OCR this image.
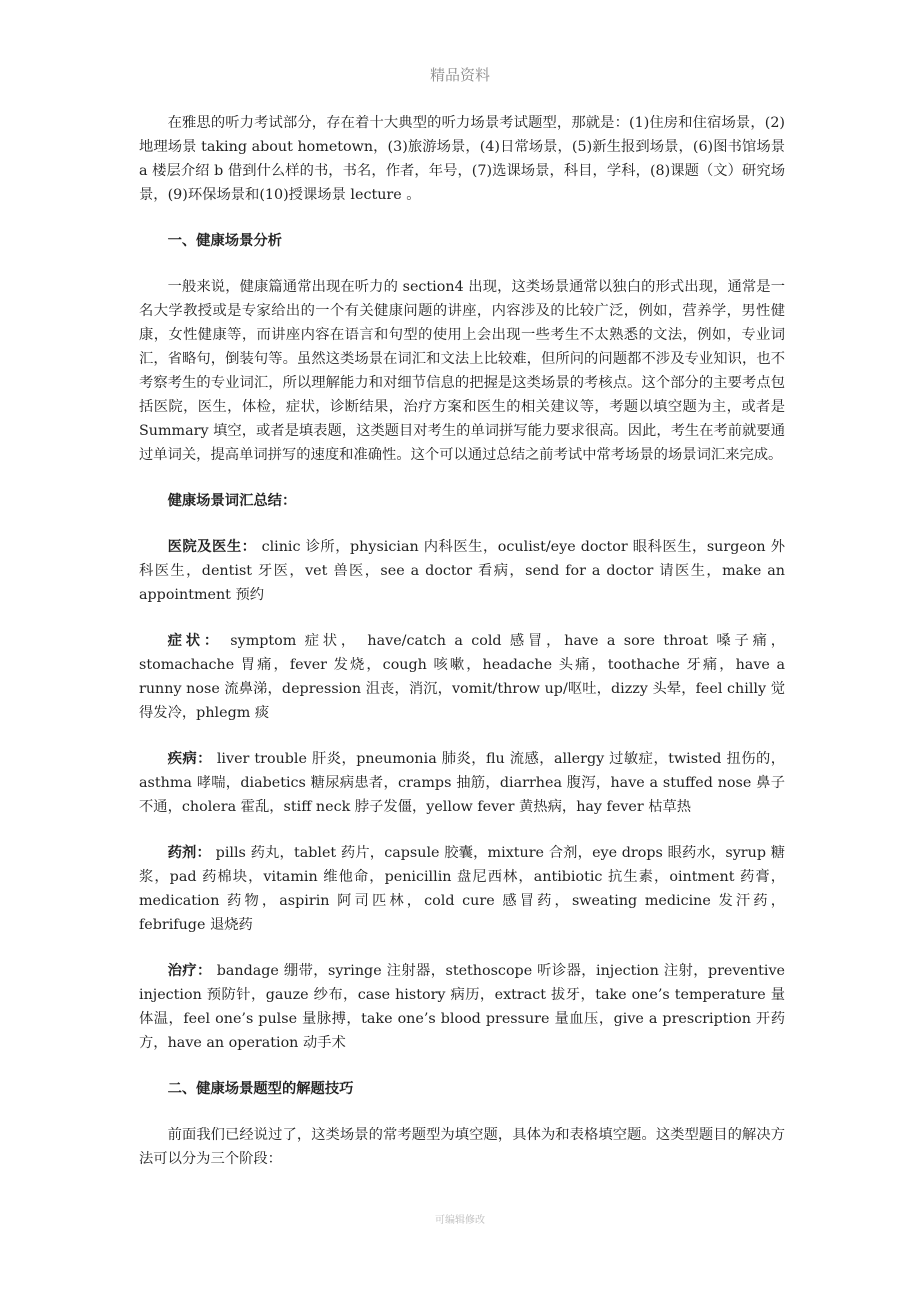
精品资料

在雅思的听力考试部分，存在着十大典型的听力场景考试题型，那就是：(1)住房和住宿场景，(2)地理场景 taking about hometown，(3)旅游场景，(4)日常场景，(5)新生报到场景，(6)图书馆场景 a 楼层介绍 b 借到什么样的书，书名，作者，年号，(7)选课场景，科目，学科，(8)课题（文）研究场景，(9)环保场景和(10)授课场景 lecture 。

一、健康场景分析

一般来说，健康篇通常出现在听力的 section4 出现，这类场景通常以独白的形式出现，通常是一名大学教授或是专家给出的一个有关健康问题的讲座，内容涉及的比较广泛，例如，营养学，男性健康，女性健康等，而讲座内容在语言和句型的使用上会出现一些考生不太熟悉的文法，例如，专业词汇，省略句，倒装句等。虽然这类场景在词汇和文法上比较难，但所问的问题都不涉及专业知识，也不考察考生的专业词汇，所以理解能力和对细节信息的把握是这类场景的考核点。这个部分的主要考点包括医院，医生，体检，症状，诊断结果，治疗方案和医生的相关建议等，考题以填空题为主，或者是 Summary 填空，或者是填表题，这类题目对考生的单词拼写能力要求很高。因此，考生在考前就要通过单词关，提高单词拼写的速度和准确性。这个可以通过总结之前考试中常考场景的场景词汇来完成。

健康场景词汇总结：

医院及医生： clinic 诊所，physician 内科医生，oculist/eye doctor 眼科医生，surgeon 外科医生，dentist 牙医，vet 兽医，see a doctor 看病，send for a doctor 请医生，make an appointment 预约

症状： symptom 症状， have/catch a cold 感冒，have a sore throat 嗓子痛， stomachache 胃痛，fever 发烧，cough 咳嗽，headache 头痛，toothache 牙痛，have a runny nose 流鼻涕，depression 沮丧，消沉，vomit/throw up/呕吐，dizzy 头晕，feel chilly 觉得发冷，phlegm 痰

疾病： liver trouble 肝炎，pneumonia 肺炎，flu 流感，allergy 过敏症，twisted 扭伤的，asthma 哮喘，diabetics 糖尿病患者，cramps 抽筋，diarrhea 腹泻，have a stuffed nose 鼻子不通，cholera 霍乱，stiff neck 脖子发僵，yellow fever 黄热病，hay fever 枯草热

药剂： pills 药丸，tablet 药片，capsule 胶囊，mixture 合剂，eye drops 眼药水，syrup 糖浆，pad 药棉块，vitamin 维他命，penicillin 盘尼西林，antibiotic 抗生素，ointment 药膏，medication 药物，aspirin 阿司匹林，cold cure 感冒药，sweating medicine 发汗药，febrifuge 退烧药

治疗： bandage 绷带，syringe 注射器，stethoscope 听诊器，injection 注射，preventive injection 预防针，gauze 纱布，case history 病历，extract 拔牙，take one’s temperature 量体温，feel one’s pulse 量脉搏，take one’s blood pressure 量血压，give a prescription 开药方，have an operation 动手术

二、健康场景题型的解题技巧

前面我们已经说过了，这类场景的常考题型为填空题，具体为和表格填空题。这类型题目的解决方法可以分为三个阶段：

可编辑修改
